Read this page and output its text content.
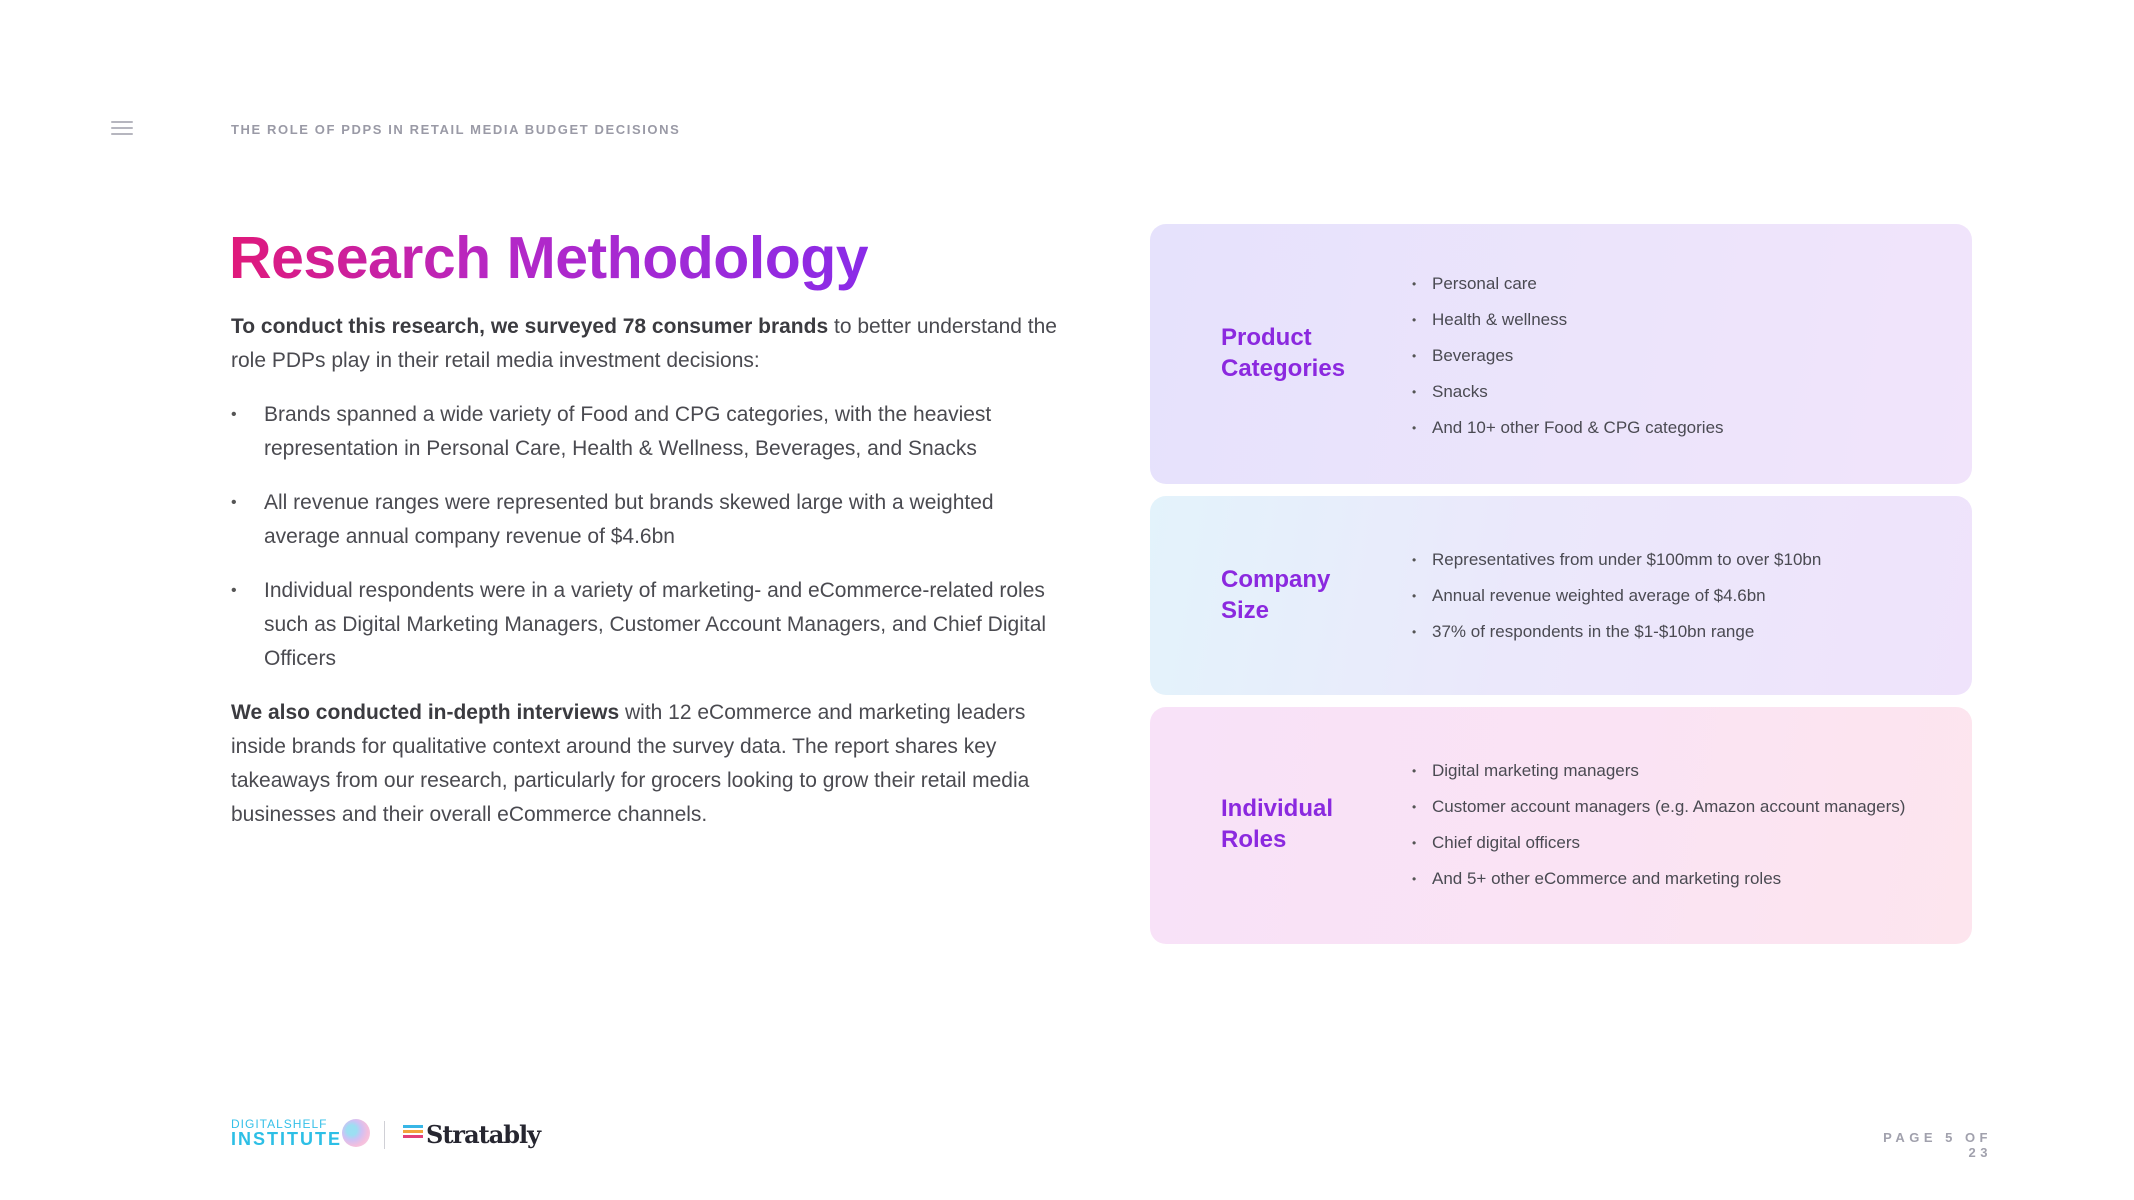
THE ROLE OF PDPS IN RETAIL MEDIA BUDGET DECISIONS
Research Methodology

To conduct this research, we surveyed 78 consumer brands to better understand the role PDPs play in their retail media investment decisions:

• Brands spanned a wide variety of Food and CPG categories, with the heaviest representation in Personal Care, Health & Wellness, Beverages, and Snacks
• All revenue ranges were represented but brands skewed large with a weighted average annual company revenue of $4.6bn
• Individual respondents were in a variety of marketing- and eCommerce-related roles such as Digital Marketing Managers, Customer Account Managers, and Chief Digital Officers

We also conducted in-depth interviews with 12 eCommerce and marketing leaders inside brands for qualitative context around the survey data. The report shares key takeaways from our research, particularly for grocers looking to grow their retail media businesses and their overall eCommerce channels.

Product Categories
• Personal care
• Health & wellness
• Beverages
• Snacks
• And 10+ other Food & CPG categories
Company Size
• Representatives from under $100mm to over $10bn
• Annual revenue weighted average of $4.6bn
• 37% of respondents in the $1-$10bn range
Individual Roles
• Digital marketing managers
• Customer account managers (e.g. Amazon account managers)
• Chief digital officers
• And 5+ other eCommerce and marketing roles
DIGITALSHELF
INSTITUTE	Stratably	PAGE 5 OF 23
